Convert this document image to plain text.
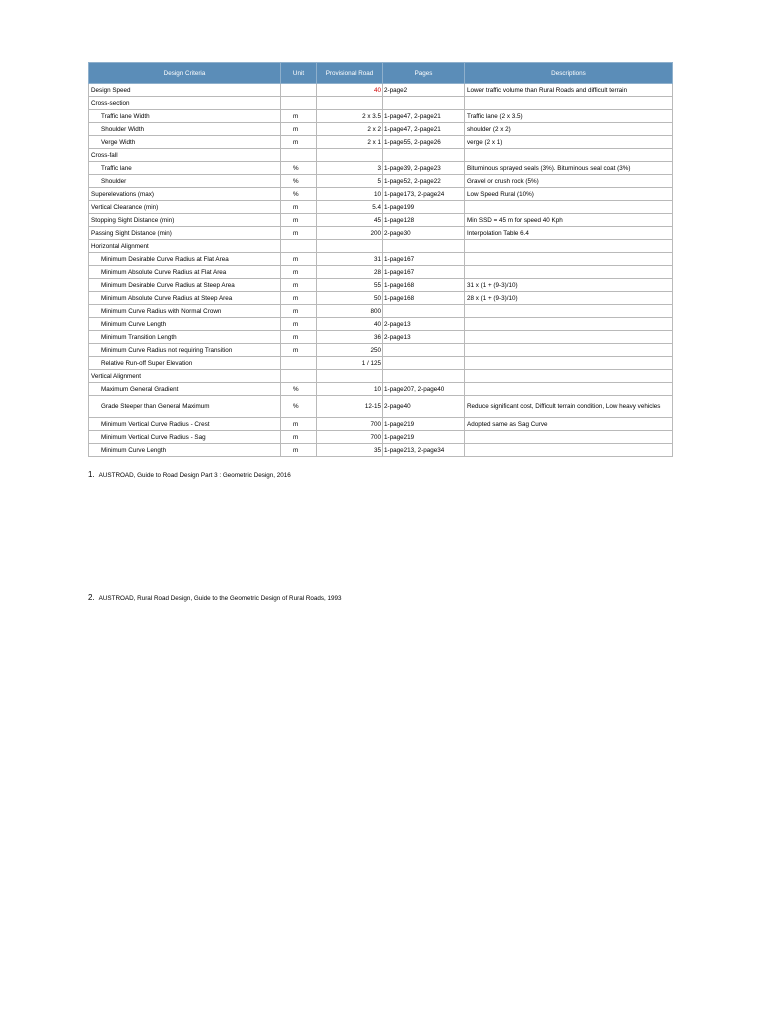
Design Criteria	Unit	Provisional Road	Pages	Descriptions
Design Speed		40	2-page2	Lower traffic volume than Rural Roads and difficult terrain
Cross-section				
Traffic lane Width	m	2 x 3.5	1-page47, 2-page21	Traffic lane (2 x 3.5)
Shoulder Width	m	2 x 2	1-page47, 2-page21	shoulder (2 x 2)
Verge Width	m	2 x 1	1-page55, 2-page26	verge (2 x 1)
Cross-fall				
Traffic lane	%	3	1-page39, 2-page23	Bituminous sprayed seals (3%). Bituminous seal coat (3%)
Shoulder	%	5	1-page52, 2-page22	Gravel or crush rock (5%)
Superelevations (max)	%	10	1-page173, 2-page24	Low Speed Rural (10%)
Vertical Clearance (min)	m	5.4	1-page199	
Stopping Sight Distance (min)	m	45	1-page128	Min SSD = 45 m for speed 40 Kph
Passing Sight Distance (min)	m	200	2-page30	Interpolation Table 6.4
Horizontal Alignment				
Minimum Desirable Curve Radius at Flat Area	m	31	1-page167	
Minimum Absolute Curve Radius at Flat Area	m	28	1-page167	
Minimum Desirable Curve Radius at Steep Area	m	55	1-page168	31 x (1 + (9-3)/10)
Minimum Absolute Curve Radius at Steep Area	m	50	1-page168	28 x (1 + (9-3)/10)
Minimum Curve Radius with Normal Crown	m	800		
Minimum Curve Length	m	40	2-page13	
Minimum Transition Length	m	36	2-page13	
Minimum Curve Radius not requiring Transition	m	250		
Relative Run-off Super Elevation		1 / 125		
Vertical Alignment				
Maximum General Gradient	%	10	1-page207, 2-page40	
Grade Steeper than General Maximum	%	12-15	2-page40	Reduce significant cost, Difficult terrain condition, Low heavy vehicles
Minimum Vertical Curve Radius - Crest	m	700	1-page219	Adopted same as Sag Curve
Minimum Vertical Curve Radius - Sag	m	700	1-page219	
Minimum Curve Length	m	35	1-page213, 2-page34	
1. AUSTROAD, Guide to Road Design Part 3 : Geometric Design, 2016
2. AUSTROAD, Rural Road Design, Guide to the Geometric Design of Rural Roads, 1993
